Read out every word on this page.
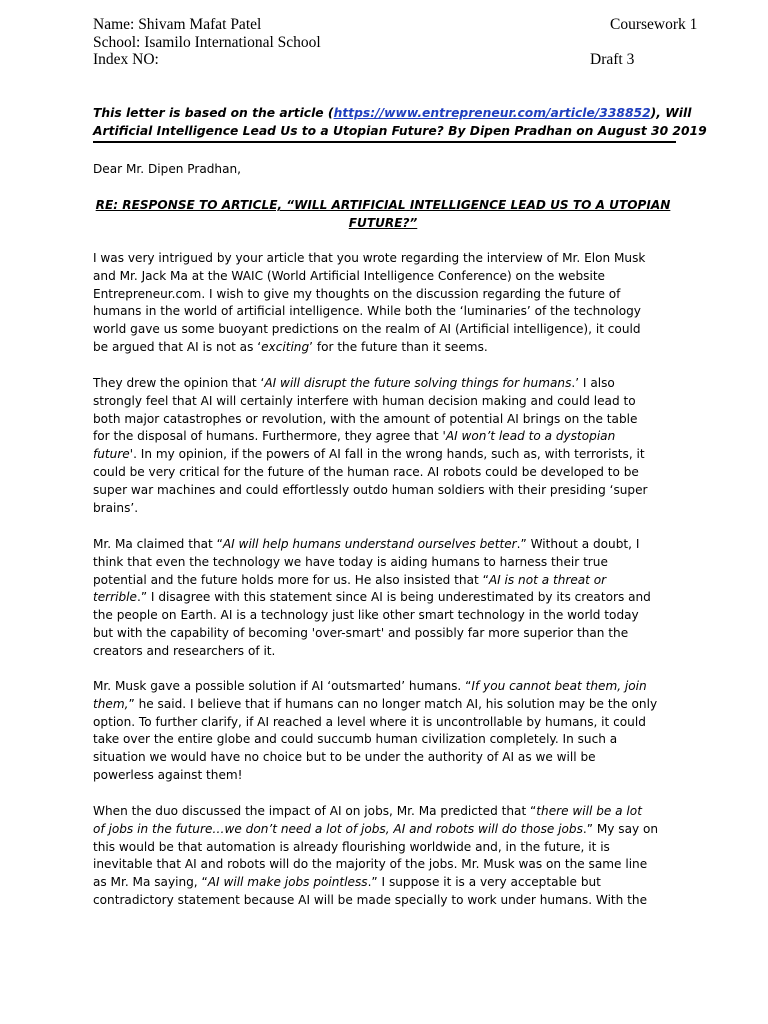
Name: Shivam Mafat Patel
School: Isamilo International School
Index NO:
Coursework 1
Draft 3
This letter is based on the article (https://www.entrepreneur.com/article/338852), Will
Artificial Intelligence Lead Us to a Utopian Future? By Dipen Pradhan on August 30 2019
Dear Mr. Dipen Pradhan,
RE: RESPONSE TO ARTICLE, “WILL ARTIFICIAL INTELLIGENCE LEAD US TO A UTOPIAN
FUTURE?”
I was very intrigued by your article that you wrote regarding the interview of Mr. Elon Musk
and Mr. Jack Ma at the WAIC (World Artificial Intelligence Conference) on the website
Entrepreneur.com. I wish to give my thoughts on the discussion regarding the future of
humans in the world of artificial intelligence. While both the ‘luminaries’ of the technology
world gave us some buoyant predictions on the realm of AI (Artificial intelligence), it could
be argued that AI is not as ‘exciting’ for the future than it seems.
They drew the opinion that ‘AI will disrupt the future solving things for humans.’ I also
strongly feel that AI will certainly interfere with human decision making and could lead to
both major catastrophes or revolution, with the amount of potential AI brings on the table
for the disposal of humans. Furthermore, they agree that 'AI won’t lead to a dystopian
future'. In my opinion, if the powers of AI fall in the wrong hands, such as, with terrorists, it
could be very critical for the future of the human race. AI robots could be developed to be
super war machines and could effortlessly outdo human soldiers with their presiding ‘super
brains’.
Mr. Ma claimed that “AI will help humans understand ourselves better.” Without a doubt, I
think that even the technology we have today is aiding humans to harness their true
potential and the future holds more for us. He also insisted that “AI is not a threat or
terrible.” I disagree with this statement since AI is being underestimated by its creators and
the people on Earth. AI is a technology just like other smart technology in the world today
but with the capability of becoming 'over-smart' and possibly far more superior than the
creators and researchers of it.
Mr. Musk gave a possible solution if AI ‘outsmarted’ humans. “If you cannot beat them, join
them,” he said. I believe that if humans can no longer match AI, his solution may be the only
option. To further clarify, if AI reached a level where it is uncontrollable by humans, it could
take over the entire globe and could succumb human civilization completely. In such a
situation we would have no choice but to be under the authority of AI as we will be
powerless against them!
When the duo discussed the impact of AI on jobs, Mr. Ma predicted that “there will be a lot
of jobs in the future…we don’t need a lot of jobs, AI and robots will do those jobs.” My say on
this would be that automation is already flourishing worldwide and, in the future, it is
inevitable that AI and robots will do the majority of the jobs. Mr. Musk was on the same line
as Mr. Ma saying, “AI will make jobs pointless.” I suppose it is a very acceptable but
contradictory statement because AI will be made specially to work under humans. With the
